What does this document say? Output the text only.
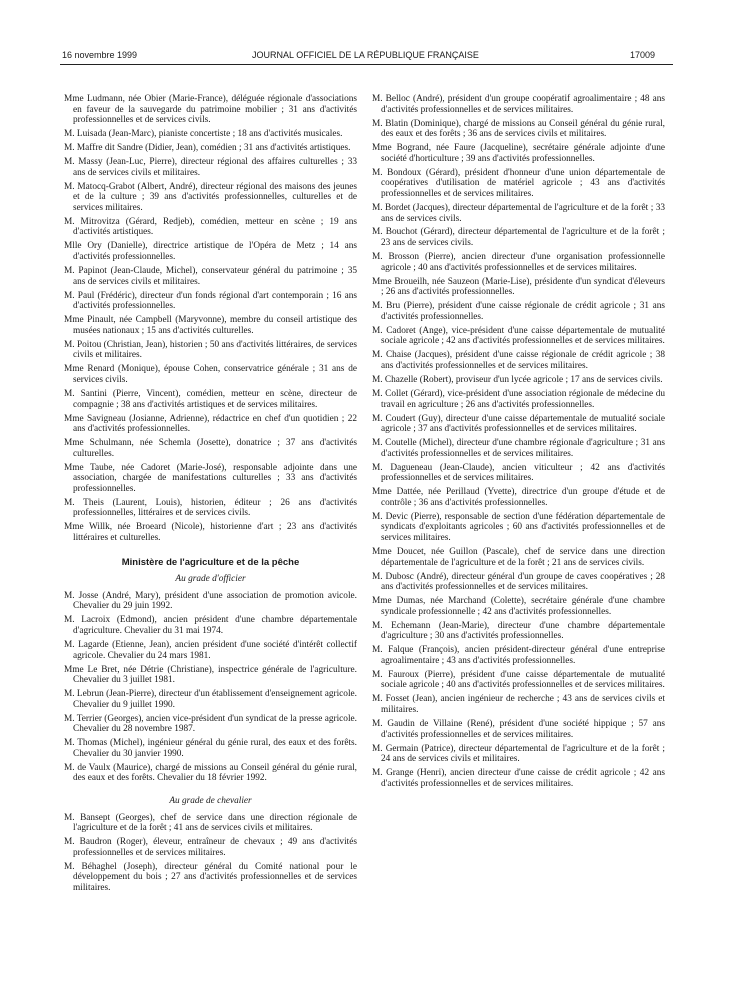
16 novembre 1999	JOURNAL OFFICIEL DE LA RÉPUBLIQUE FRANÇAISE	17009

Mme Ludmann, née Obier (Marie-France), déléguée régionale d'associations en faveur de la sauvegarde du patrimoine mobilier ; 31 ans d'activités professionnelles et de services civils.

M. Luisada (Jean-Marc), pianiste concertiste ; 18 ans d'activités musicales.

M. Maffre dit Sandre (Didier, Jean), comédien ; 31 ans d'activités artistiques.

M. Massy (Jean-Luc, Pierre), directeur régional des affaires culturelles ; 33 ans de services civils et militaires.

M. Matocq-Grabot (Albert, André), directeur régional des maisons des jeunes et de la culture ; 39 ans d'activités professionnelles, culturelles et de services militaires.

M. Mitrovitza (Gérard, Redjeb), comédien, metteur en scène ; 19 ans d'activités artistiques.

Mlle Ory (Danielle), directrice artistique de l'Opéra de Metz ; 14 ans d'activités professionnelles.

M. Papinot (Jean-Claude, Michel), conservateur général du patrimoine ; 35 ans de services civils et militaires.

M. Paul (Frédéric), directeur d'un fonds régional d'art contemporain ; 16 ans d'activités professionnelles.

Mme Pinault, née Campbell (Maryvonne), membre du conseil artistique des musées nationaux ; 15 ans d'activités culturelles.

M. Poitou (Christian, Jean), historien ; 50 ans d'activités littéraires, de services civils et militaires.

Mme Renard (Monique), épouse Cohen, conservatrice générale ; 31 ans de services civils.

M. Santini (Pierre, Vincent), comédien, metteur en scène, directeur de compagnie ; 38 ans d'activités artistiques et de services militaires.

Mme Savigneau (Josianne, Adrienne), rédactrice en chef d'un quotidien ; 22 ans d'activités professionnelles.

Mme Schulmann, née Schemla (Josette), donatrice ; 37 ans d'activités culturelles.

Mme Taube, née Cadoret (Marie-José), responsable adjointe dans une association, chargée de manifestations culturelles ; 33 ans d'activités professionnelles.

M. Theis (Laurent, Louis), historien, éditeur ; 26 ans d'activités professionnelles, littéraires et de services civils.

Mme Willk, née Broeard (Nicole), historienne d'art ; 23 ans d'activités littéraires et culturelles.

Ministère de l'agriculture et de la pêche
Au grade d'officier

M. Josse (André, Mary), président d'une association de promotion avicole. Chevalier du 29 juin 1992.

M. Lacroix (Edmond), ancien président d'une chambre départementale d'agriculture. Chevalier du 31 mai 1974.

M. Lagarde (Etienne, Jean), ancien président d'une société d'intérêt collectif agricole. Chevalier du 24 mars 1981.

Mme Le Bret, née Détrie (Christiane), inspectrice générale de l'agriculture. Chevalier du 3 juillet 1981.

M. Lebrun (Jean-Pierre), directeur d'un établissement d'enseignement agricole. Chevalier du 9 juillet 1990.

M. Terrier (Georges), ancien vice-président d'un syndicat de la presse agricole. Chevalier du 28 novembre 1987.

M. Thomas (Michel), ingénieur général du génie rural, des eaux et des forêts. Chevalier du 30 janvier 1990.

M. de Vaulx (Maurice), chargé de missions au Conseil général du génie rural, des eaux et des forêts. Chevalier du 18 février 1992.

Au grade de chevalier

M. Bansept (Georges), chef de service dans une direction régionale de l'agriculture et de la forêt ; 41 ans de services civils et militaires.

M. Baudron (Roger), éleveur, entraîneur de chevaux ; 49 ans d'activités professionnelles et de services militaires.

M. Béhaghel (Joseph), directeur général du Comité national pour le développement du bois ; 27 ans d'activités professionnelles et de services militaires.

M. Belloc (André), président d'un groupe coopératif agroalimentaire ; 48 ans d'activités professionnelles et de services militaires.

M. Blatin (Dominique), chargé de missions au Conseil général du génie rural, des eaux et des forêts ; 36 ans de services civils et militaires.

Mme Bogrand, née Faure (Jacqueline), secrétaire générale adjointe d'une société d'horticulture ; 39 ans d'activités professionnelles.

M. Bondoux (Gérard), président d'honneur d'une union départementale de coopératives d'utilisation de matériel agricole ; 43 ans d'activités professionnelles et de services militaires.

M. Bordet (Jacques), directeur départemental de l'agriculture et de la forêt ; 33 ans de services civils.

M. Bouchot (Gérard), directeur départemental de l'agriculture et de la forêt ; 23 ans de services civils.

M. Brosson (Pierre), ancien directeur d'une organisation professionnelle agricole ; 40 ans d'activités professionnelles et de services militaires.

Mme Broueilh, née Sauzeon (Marie-Lise), présidente d'un syndicat d'éleveurs ; 26 ans d'activités professionnelles.

M. Bru (Pierre), président d'une caisse régionale de crédit agricole ; 31 ans d'activités professionnelles.

M. Cadoret (Ange), vice-président d'une caisse départementale de mutualité sociale agricole ; 42 ans d'activités professionnelles et de services militaires.

M. Chaise (Jacques), président d'une caisse régionale de crédit agricole ; 38 ans d'activités professionnelles et de services militaires.

M. Chazelle (Robert), proviseur d'un lycée agricole ; 17 ans de services civils.

M. Collet (Gérard), vice-président d'une association régionale de médecine du travail en agriculture ; 26 ans d'activités professionnelles.

M. Coudert (Guy), directeur d'une caisse départementale de mutualité sociale agricole ; 37 ans d'activités professionnelles et de services militaires.

M. Coutelle (Michel), directeur d'une chambre régionale d'agriculture ; 31 ans d'activités professionnelles et de services militaires.

M. Dagueneau (Jean-Claude), ancien viticulteur ; 42 ans d'activités professionnelles et de services militaires.

Mme Dattée, née Perillaud (Yvette), directrice d'un groupe d'étude et de contrôle ; 36 ans d'activités professionnelles.

M. Devic (Pierre), responsable de section d'une fédération départementale de syndicats d'exploitants agricoles ; 60 ans d'activités professionnelles et de services militaires.

Mme Doucet, née Guillon (Pascale), chef de service dans une direction départementale de l'agriculture et de la forêt ; 21 ans de services civils.

M. Dubosc (André), directeur général d'un groupe de caves coopératives ; 28 ans d'activités professionnelles et de services militaires.

Mme Dumas, née Marchand (Colette), secrétaire générale d'une chambre syndicale professionnelle ; 42 ans d'activités professionnelles.

M. Echemann (Jean-Marie), directeur d'une chambre départementale d'agriculture ; 30 ans d'activités professionnelles.

M. Falque (François), ancien président-directeur général d'une entreprise agroalimentaire ; 43 ans d'activités professionnelles.

M. Fauroux (Pierre), président d'une caisse départementale de mutualité sociale agricole ; 40 ans d'activités professionnelles et de services militaires.

M. Fosset (Jean), ancien ingénieur de recherche ; 43 ans de services civils et militaires.

M. Gaudin de Villaine (René), président d'une société hippique ; 57 ans d'activités professionnelles et de services militaires.

M. Germain (Patrice), directeur départemental de l'agriculture et de la forêt ; 24 ans de services civils et militaires.

M. Grange (Henri), ancien directeur d'une caisse de crédit agricole ; 42 ans d'activités professionnelles et de services militaires.
